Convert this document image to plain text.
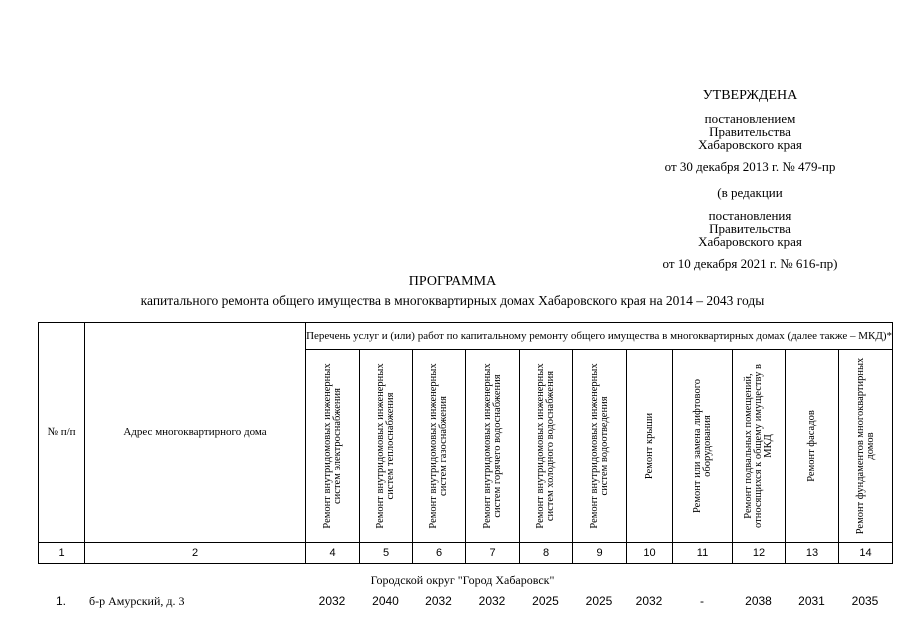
УТВЕРЖДЕНА
постановлением
Правительства
Хабаровского края
от 30 декабря 2013 г. № 479-пр
(в редакции
постановления
Правительства
Хабаровского края
от 10 декабря 2021 г. № 616-пр)
ПРОГРАММА
капитального ремонта общего имущества в многоквартирных домах Хабаровского края на 2014 – 2043 годы
№ п/п	Адрес многоквартирного дома	Перечень услуг и (или) работ по капитальному ремонту общего имущества в многоквартирных домах (далее также – МКД)*										

		Ремонт внутридомовых инженерных систем электроснабжения	Ремонт внутридомовых инженерных систем теплоснабжения	Ремонт внутридомовых инженерных систем газоснабжения	Ремонт внутридомовых инженерных систем горячего водоснабжения	Ремонт внутридомовых инженерных систем холодного водоснабжения	Ремонт внутридомовых инженерных систем водоотведения	Ремонт крыши	Ремонт или замена лифтового оборудования	Ремонт подвальных помещений, относящихся к общему имуществу в МКД	Ремонт фасадов	Ремонт фундаментов многоквартирных домов

1	2	4	5	6	7	8	9	10	11	12	13	14
Городской округ "Город Хабаровск"
1.	б-р Амурский, д. 3	2032	2040	2032	2032	2025	2025	2032	-	2038	2031	2035
